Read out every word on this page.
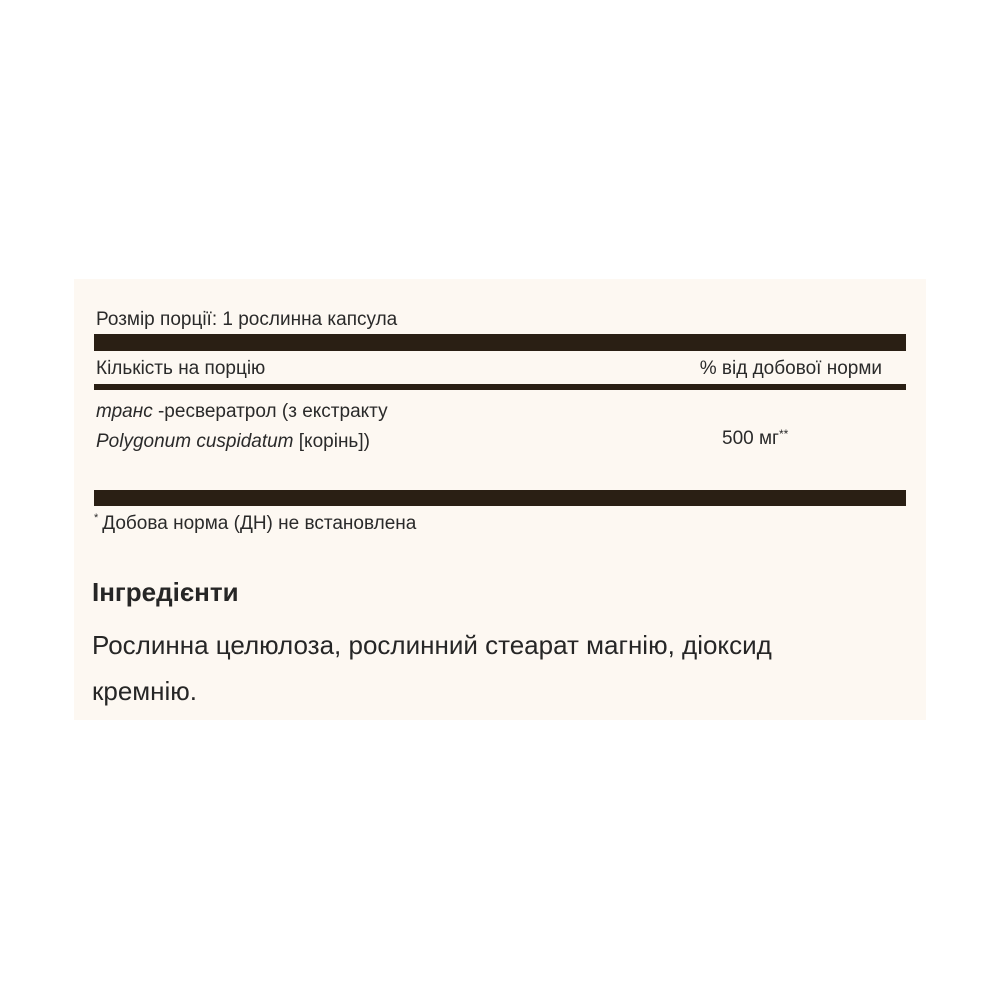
Розмір порції: 1 рослинна капсула
Кількість на порцію	% від добової норми
транс -ресвератрол (з екстракту Polygonum cuspidatum [корінь])	500 мг**
* Добова норма (ДН) не встановлена
Інгредієнти
Рослинна целюлоза, рослинний стеарат магнію, діоксид кремнію.
